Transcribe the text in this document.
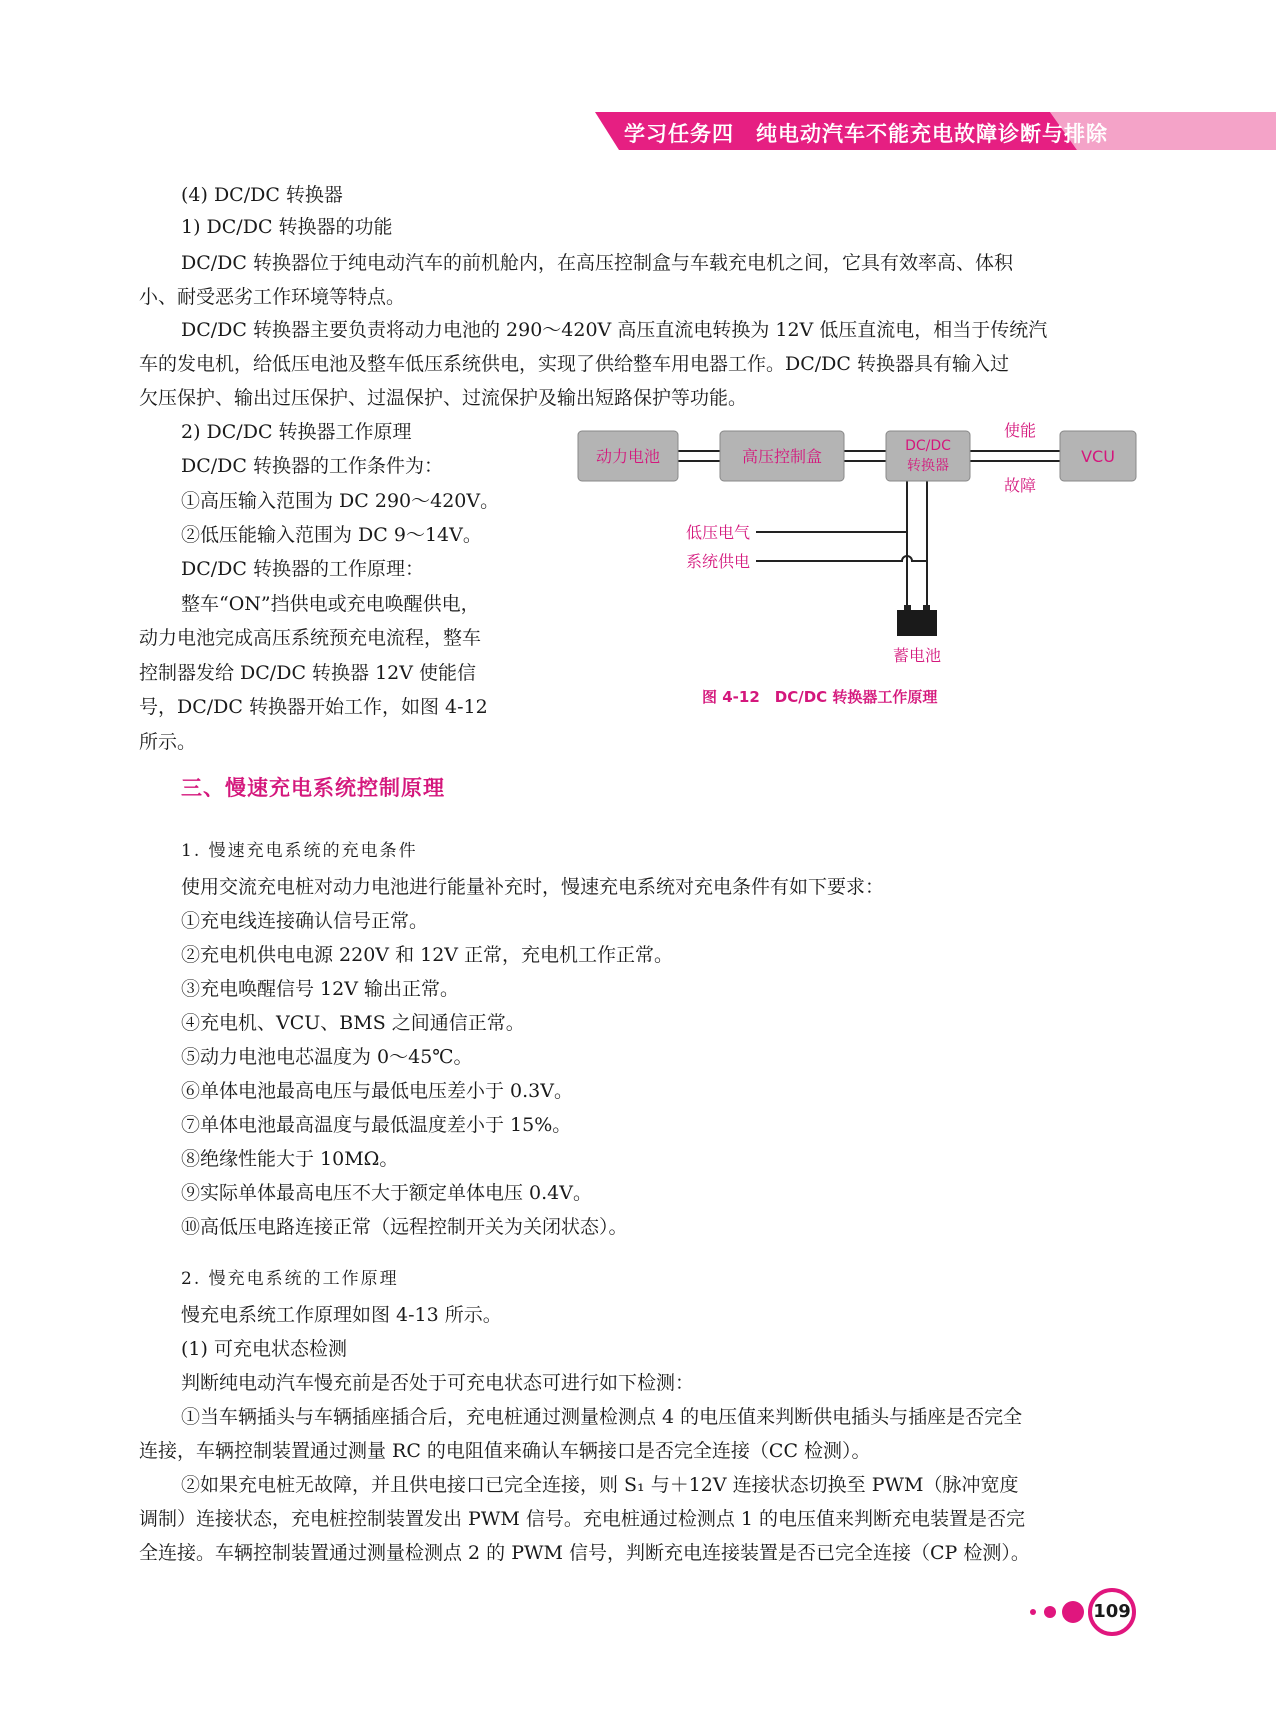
学习任务四　纯电动汽车不能充电故障诊断与排除
(4) DC/DC 转换器
1) DC/DC 转换器的功能
DC/DC 转换器位于纯电动汽车的前机舱内，在高压控制盒与车载充电机之间，它具有效率高、体积
小、耐受恶劣工作环境等特点。
DC/DC 转换器主要负责将动力电池的 290～420V 高压直流电转换为 12V 低压直流电，相当于传统汽
车的发电机，给低压电池及整车低压系统供电，实现了供给整车用电器工作。DC/DC 转换器具有输入过
欠压保护、输出过压保护、过温保护、过流保护及输出短路保护等功能。
2) DC/DC 转换器工作原理
DC/DC 转换器的工作条件为：
①高压输入范围为 DC 290～420V。
②低压能输入范围为 DC 9～14V。
DC/DC 转换器的工作原理：
整车“ON”挡供电或充电唤醒供电，
动力电池完成高压系统预充电流程，整车
控制器发给 DC/DC 转换器 12V 使能信
号，DC/DC 转换器开始工作，如图 4-12
所示。
动力电池	高压控制盒
DC/DC
转换器	VCU
使能
故障
低压电气
系统供电
蓄电池
图 4-12　DC/DC 转换器工作原理
三、慢速充电系统控制原理
1. 慢速充电系统的充电条件
使用交流充电桩对动力电池进行能量补充时，慢速充电系统对充电条件有如下要求：
①充电线连接确认信号正常。
②充电机供电电源 220V 和 12V 正常，充电机工作正常。
③充电唤醒信号 12V 输出正常。
④充电机、VCU、BMS 之间通信正常。
⑤动力电池电芯温度为 0～45℃。
⑥单体电池最高电压与最低电压差小于 0.3V。
⑦单体电池最高温度与最低温度差小于 15%。
⑧绝缘性能大于 10MΩ。
⑨实际单体最高电压不大于额定单体电压 0.4V。
⑩高低压电路连接正常（远程控制开关为关闭状态）。
2. 慢充电系统的工作原理
慢充电系统工作原理如图 4-13 所示。
(1) 可充电状态检测
判断纯电动汽车慢充前是否处于可充电状态可进行如下检测：
①当车辆插头与车辆插座插合后，充电桩通过测量检测点 4 的电压值来判断供电插头与插座是否完全
连接，车辆控制装置通过测量 RC 的电阻值来确认车辆接口是否完全连接（CC 检测）。
②如果充电桩无故障，并且供电接口已完全连接，则 S₁ 与＋12V 连接状态切换至 PWM（脉冲宽度
调制）连接状态，充电桩控制装置发出 PWM 信号。充电桩通过检测点 1 的电压值来判断充电装置是否完
全连接。车辆控制装置通过测量检测点 2 的 PWM 信号，判断充电连接装置是否已完全连接（CP 检测）。
109
